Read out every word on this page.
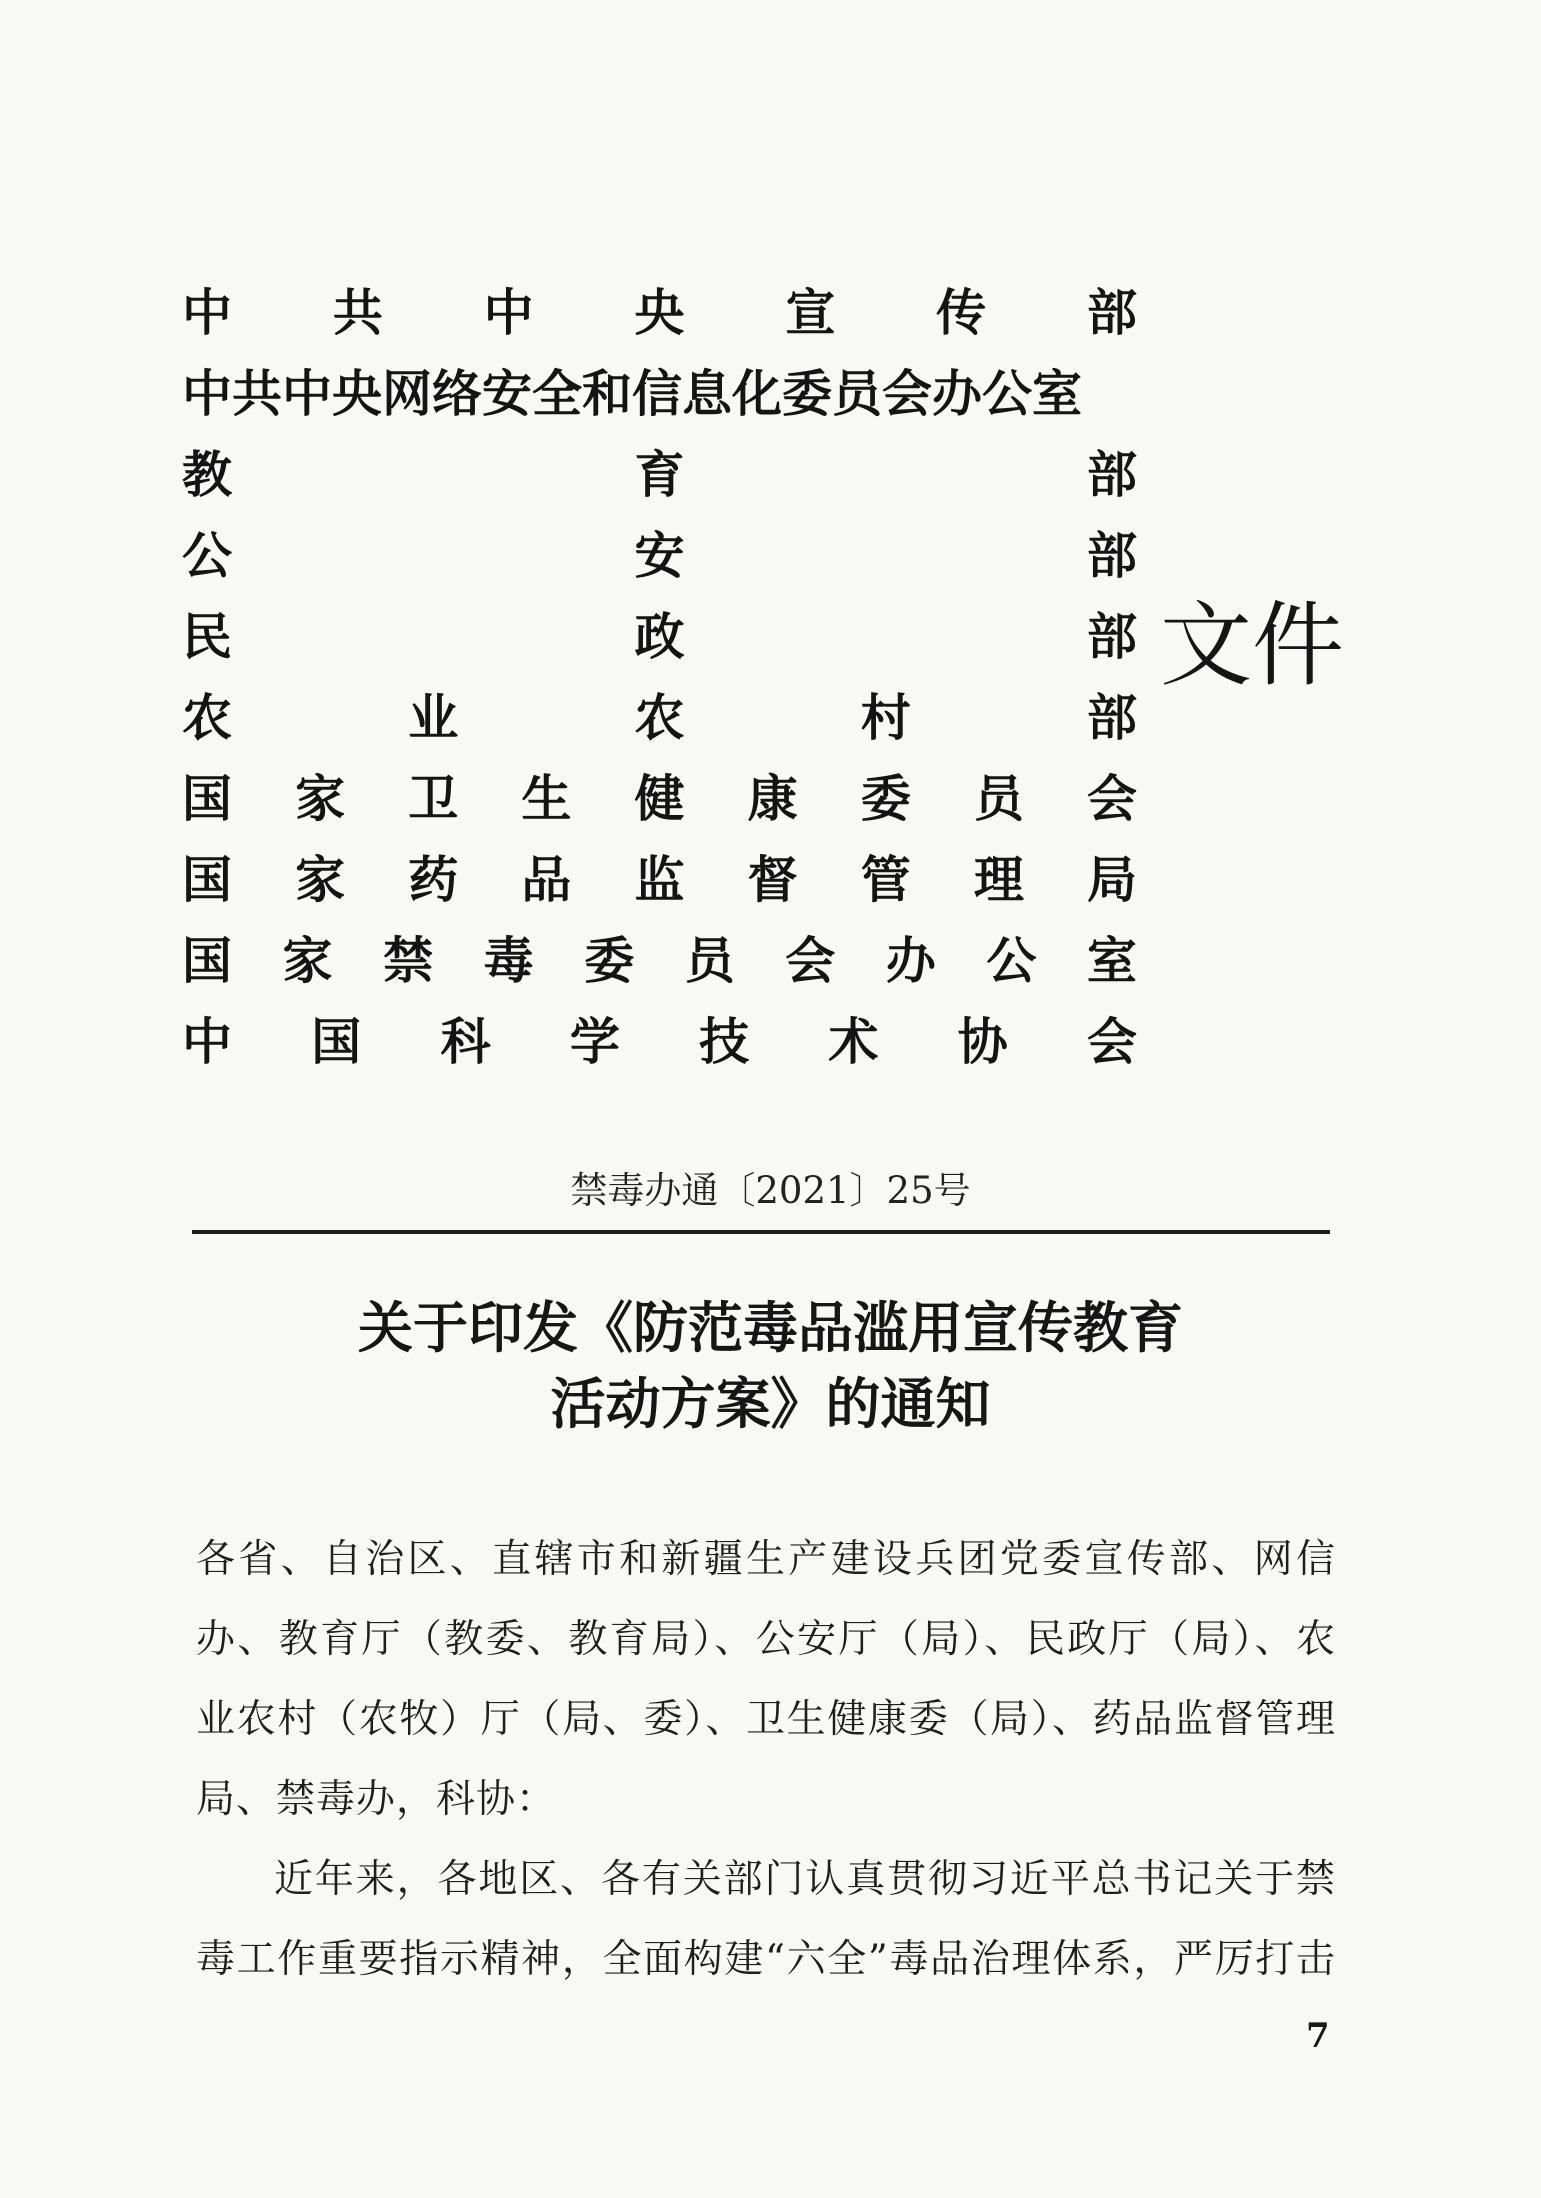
中 共 中 央 宣 传 部
中共中央网络安全和信息化委员会办公室
教	育	部
公	安	部
民	政	部
农	业	农	村	部
国 家 卫 生 健 康 委 员 会
国 家 药 品 监 督 管 理 局
国 家 禁 毒 委 员 会 办 公 室
中 国 科 学 技 术 协 会
文件
禁毒办通〔2021〕25号
关于印发《防范毒品滥用宣传教育
活动方案》的通知

各省、自治区、直辖市和新疆生产建设兵团党委宣传部、网信办、教育厅（教委、教育局）、公安厅（局）、民政厅（局）、农业农村（农牧）厅（局、委）、卫生健康委（局）、药品监督管理局、禁毒办，科协：

近年来，各地区、各有关部门认真贯彻习近平总书记关于禁毒工作重要指示精神，全面构建“六全”毒品治理体系，严厉打击

7
